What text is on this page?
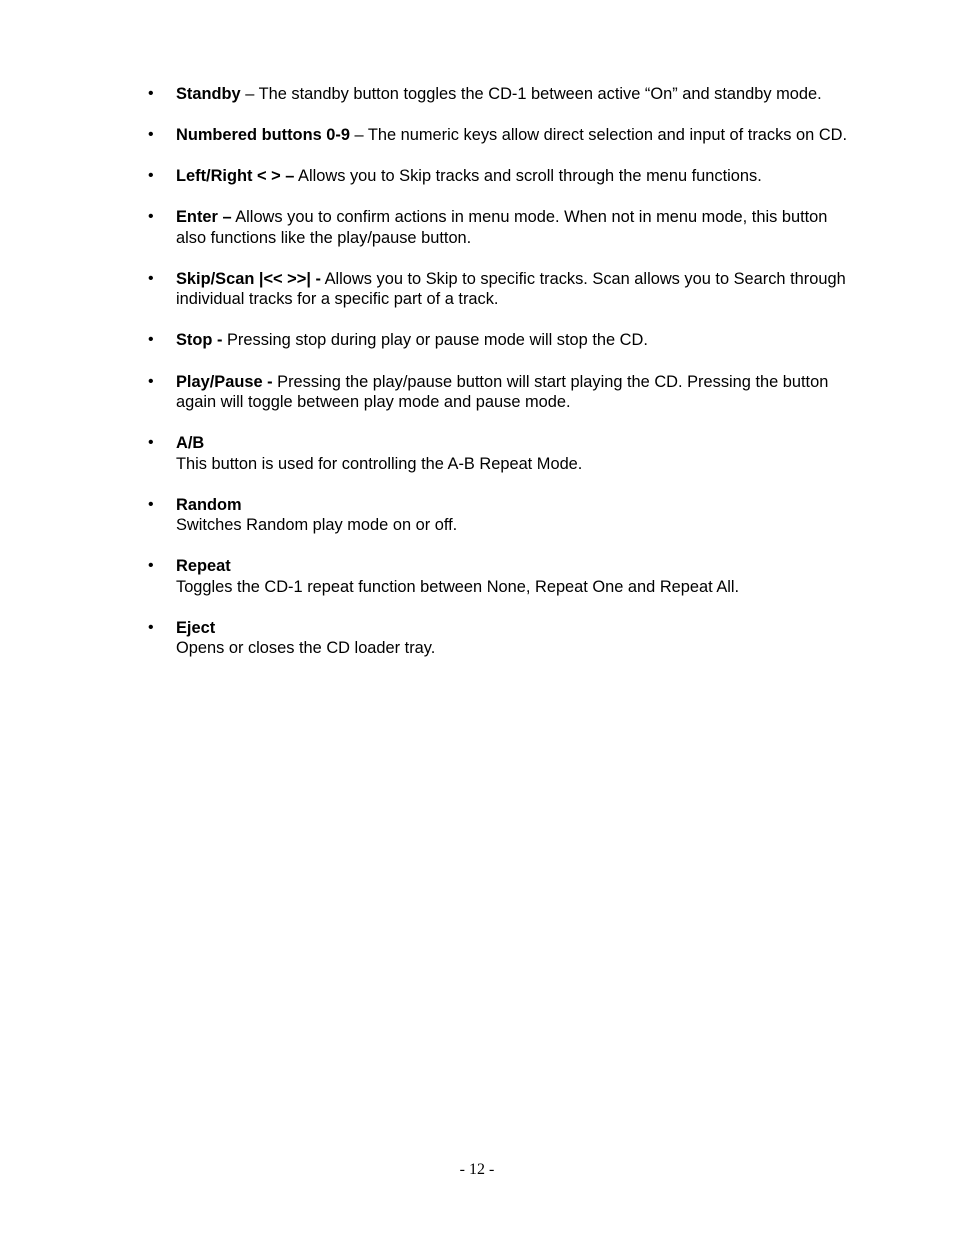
•	Standby – The standby button toggles the CD-1 between active “On” and standby mode.
•	Numbered buttons 0-9 – The numeric keys allow direct selection and input of tracks on CD.
•	Left/Right < > – Allows you to Skip tracks and scroll through the menu functions.
•	Enter – Allows you to confirm actions in menu mode. When not in menu mode, this button also functions like the play/pause button.
•	Skip/Scan |<< >>| - Allows you to Skip to specific tracks. Scan allows you to Search through individual tracks for a specific part of a track.
•	Stop - Pressing stop during play or pause mode will stop the CD.
•	Play/Pause - Pressing the play/pause button will start playing the CD. Pressing the button again will toggle between play mode and pause mode.
•	A/B
This button is used for controlling the A-B Repeat Mode.
•	Random
Switches Random play mode on or off.
•	Repeat
Toggles the CD-1 repeat function between None, Repeat One and Repeat All.
•	Eject
Opens or closes the CD loader tray.
- 12 -
